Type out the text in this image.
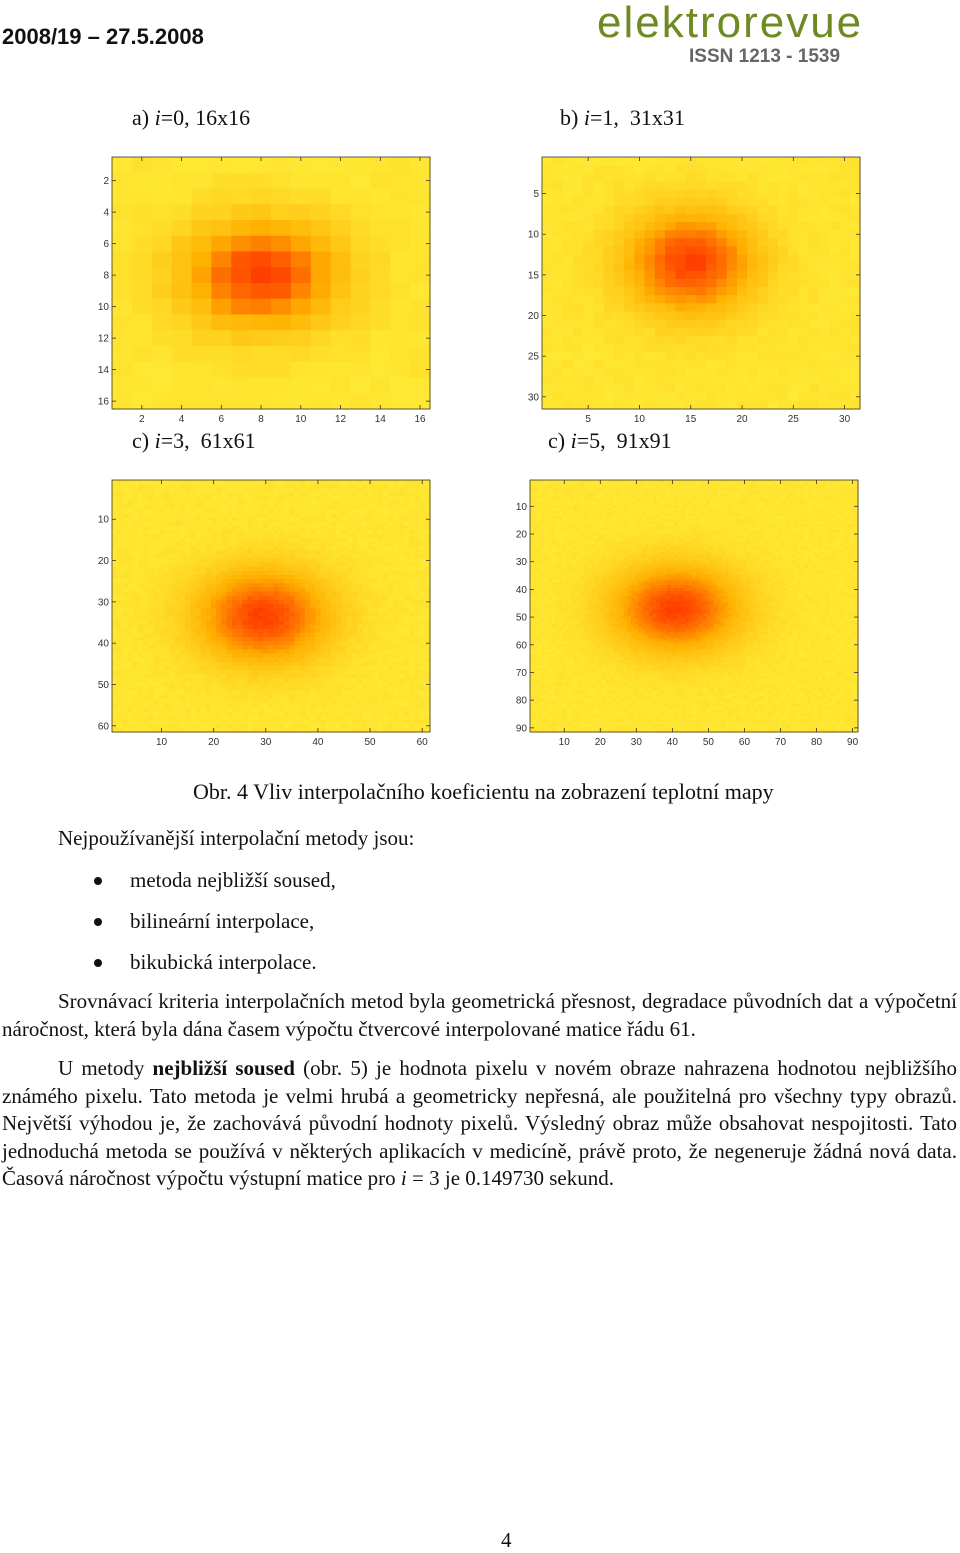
2008/19 – 27.5.2008	elektrorevue
ISSN 1213 - 1539
a) i=0, 16x16	b) i=1,  31x31
c) i=3,  61x61	c) i=5,  91x91
2	4	6	8	10	12	14	16
2
4
6
8
10
12
14
16
5	10	15	20	25	30
5
10
15
20
25
30
10	20	30	40	50	60
10
20
30
40
50
60
10 20 30 40 50 60 70 80 90
10
20
30
40
50
60
70
80
90
Obr. 4 Vliv interpolačního koeficientu na zobrazení teplotní mapy
Nejpoužívanější interpolační metody jsou:
metoda nejbližší soused,
bilineární interpolace,
bikubická interpolace.
Srovnávací kriteria interpolačních metod byla geometrická přesnost, degradace původních dat a výpočetní náročnost, která byla dána časem výpočtu čtvercové interpolované matice řádu 61.
U metody nejbližší soused (obr. 5) je hodnota pixelu v novém obraze nahrazena hodnotou nejbližšího známého pixelu. Tato metoda je velmi hrubá a geometricky nepřesná, ale použitelná pro všechny typy obrazů. Největší výhodou je, že zachovává původní hodnoty pixelů. Výsledný obraz může obsahovat nespojitosti. Tato jednoduchá metoda se používá v některých aplikacích v medicíně, právě proto, že negeneruje žádná nová data. Časová náročnost výpočtu výstupní matice pro i = 3 je 0.149730 sekund.
4
